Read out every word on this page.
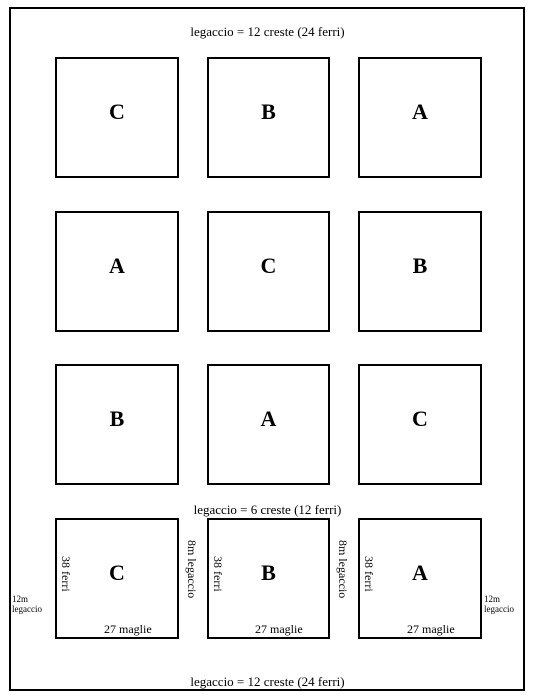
legaccio = 12 creste (24 ferri)
C	B	A
A	C	B
B	A	C
legaccio = 6 creste (12 ferri)
C
38 ferri
27 maglie
B
38 ferri
27 maglie
A
38 ferri
27 maglie
8m legaccio	8m legaccio
12m
legaccio
12m
legaccio
legaccio = 12 creste (24 ferri)
